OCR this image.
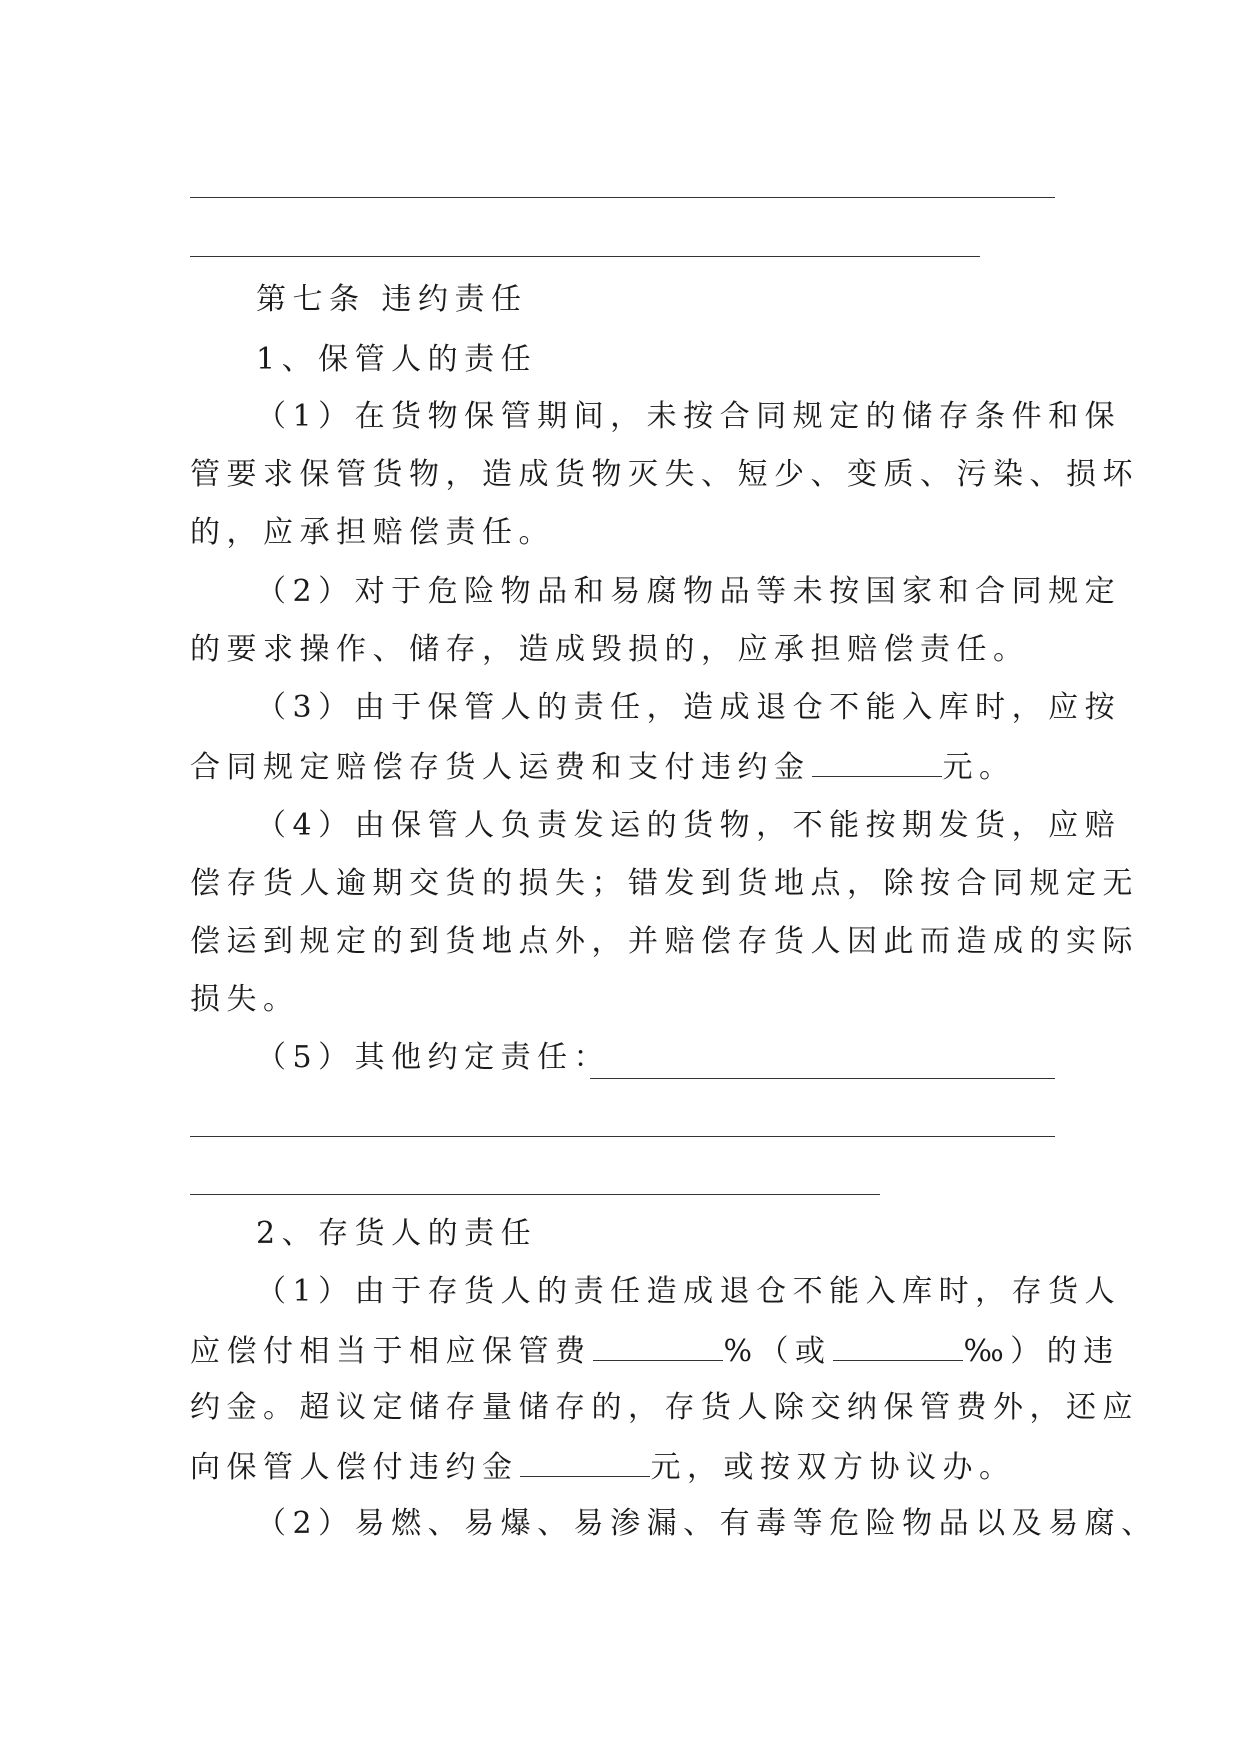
第七条 违约责任
1、保管人的责任
（1）在货物保管期间，未按合同规定的储存条件和保
管要求保管货物，造成货物灭失、短少、变质、污染、损坏
的，应承担赔偿责任。
（2）对于危险物品和易腐物品等未按国家和合同规定
的要求操作、储存，造成毁损的，应承担赔偿责任。
（3）由于保管人的责任，造成退仓不能入库时，应按
合同规定赔偿存货人运费和支付违约金	元。
（4）由保管人负责发运的货物，不能按期发货，应赔
偿存货人逾期交货的损失；错发到货地点，除按合同规定无
偿运到规定的到货地点外，并赔偿存货人因此而造成的实际
损失。
（5）其他约定责任：
2、存货人的责任
（1）由于存货人的责任造成退仓不能入库时，存货人
应偿付相当于相应保管费	%（或	‰）的违
约金。超议定储存量储存的，存货人除交纳保管费外，还应
向保管人偿付违约金	元，或按双方协议办。
（2）易燃、易爆、易渗漏、有毒等危险物品以及易腐、
